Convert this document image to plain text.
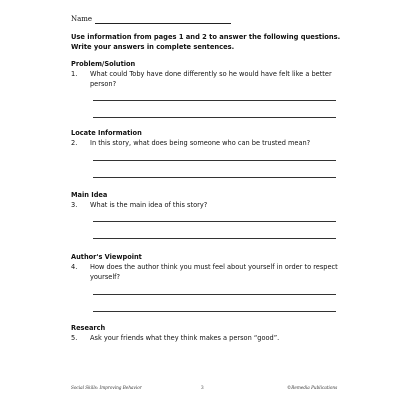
Name
Use information from pages 1 and 2 to answer the following questions. Write your answers in complete sentences.
Problem/Solution
1. What could Toby have done differently so he would have felt like a better person?
Locate Information
2. In this story, what does being someone who can be trusted mean?
Main Idea
3. What is the main idea of this story?
Author's Viewpoint
4. How does the author think you must feel about yourself in order to respect yourself?
Research
5. Ask your friends what they think makes a person “good”.
Social Skills: Improving Behavior	3	©Remedia Publications
